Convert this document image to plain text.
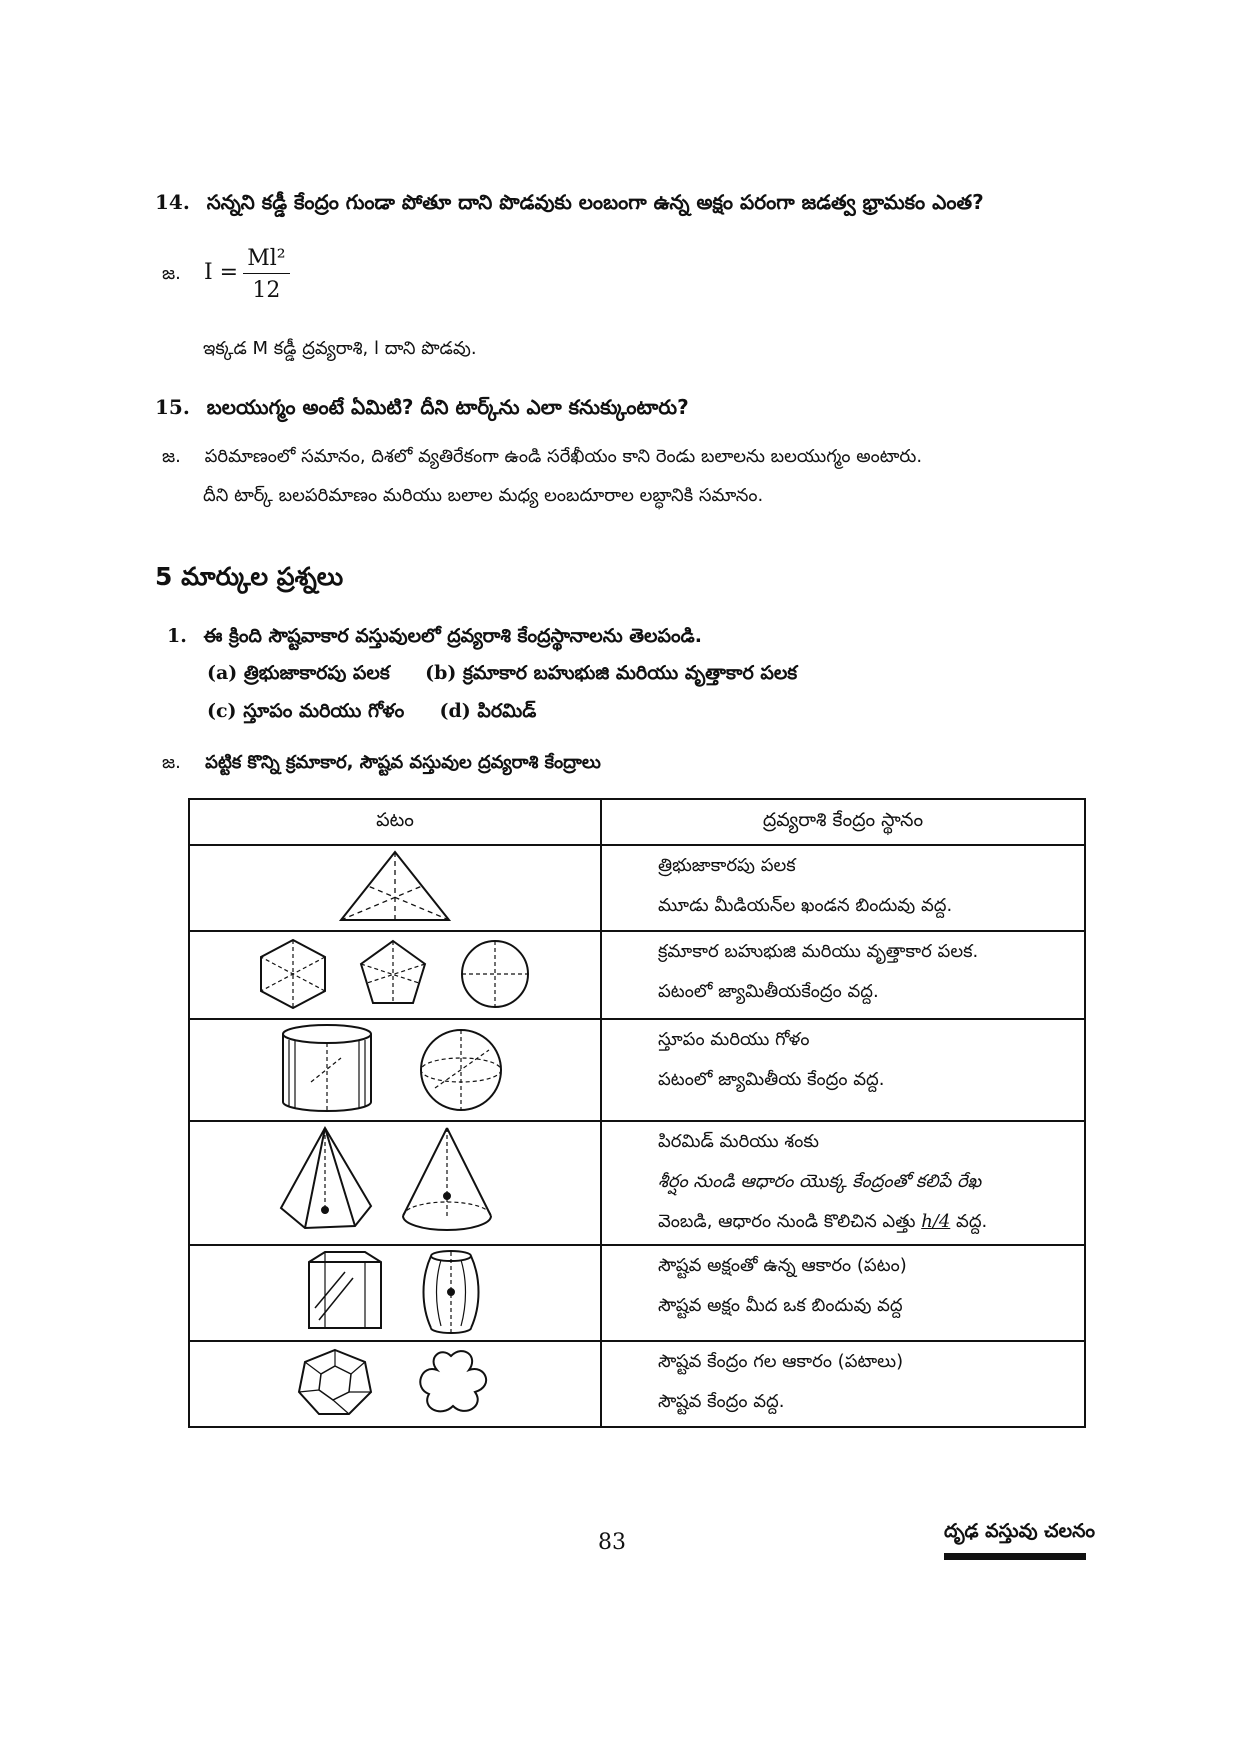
14. సన్నని కడ్డీ కేంద్రం గుండా పోతూ దాని పొడవుకు లంబంగా ఉన్న అక్షం పరంగా జడత్వ భ్రామకం ఎంత?
జ. $I = \frac{\text{Ml²}}{12}$
ఇక్కడ M కడ్డీ ద్రవ్యరాశి, l దాని పొడవు.
15. బలయుగ్మం అంటే ఏమిటి? దీని టార్క్‌ను ఎలా కనుక్కుంటారు?
జ. పరిమాణంలో సమానం, దిశలో వ్యతిరేకంగా ఉండి సరేఖీయం కాని రెండు బలాలను బలయుగ్మం అంటారు.
దీని టార్క్ బలపరిమాణం మరియు బలాల మధ్య లంబదూరాల లబ్ధానికి సమానం.
5 మార్కుల ప్రశ్నలు
1. ఈ క్రింది సౌష్టవాకార వస్తువులలో ద్రవ్యరాశి కేంద్రస్థానాలను తెలపండి.
(a) త్రిభుజాకారపు పలక (b) క్రమాకార బహుభుజి మరియు వృత్తాకార పలక
(c) స్తూపం మరియు గోళం (d) పిరమిడ్
జ. పట్టిక కొన్ని క్రమాకార, సౌష్టవ వస్తువుల ద్రవ్యరాశి కేంద్రాలు
పటం	ద్రవ్యరాశి కేంద్రం స్థానం

త్రిభుజాకారపు పలక
మూడు మీడియన్‌ల ఖండన బిందువు వద్ద.

క్రమాకార బహుభుజి మరియు వృత్తాకార పలక.
పటంలో జ్యామితీయకేంద్రం వద్ద.

స్తూపం మరియు గోళం
పటంలో జ్యామితీయ కేంద్రం వద్ద.

పిరమిడ్ మరియు శంకు
శీర్షం నుండి ఆధారం యొక్క కేంద్రంతో కలిపే రేఖ
వెంబడి, ఆధారం నుండి కొలిచిన ఎత్తు h/4 వద్ద.

సౌష్టవ అక్షంతో ఉన్న ఆకారం (పటం)
సౌష్టవ అక్షం మీద ఒక బిందువు వద్ద

సౌష్టవ కేంద్రం గల ఆకారం (పటాలు)
సౌష్టవ కేంద్రం వద్ద.
83	దృఢ వస్తువు చలనం
